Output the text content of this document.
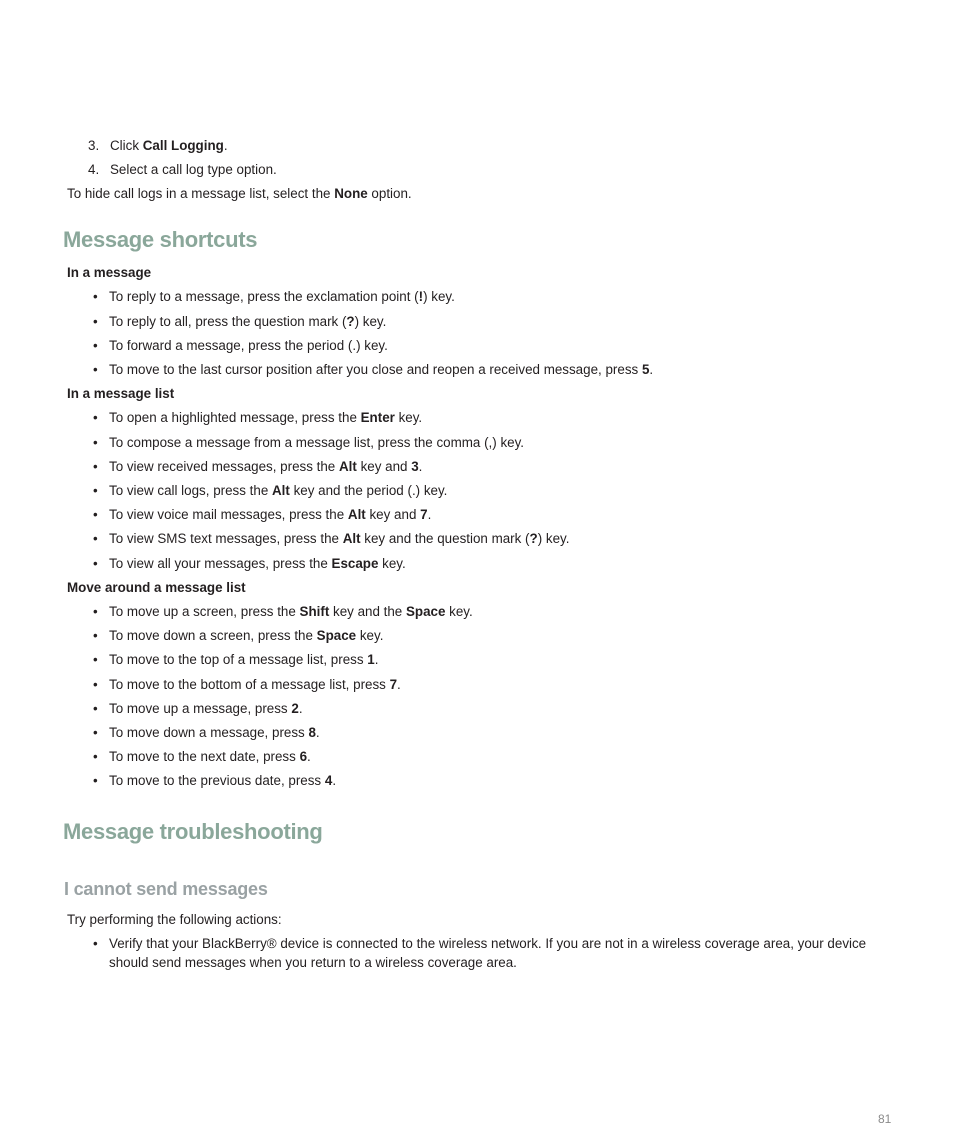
3. Click Call Logging.
4. Select a call log type option.
To hide call logs in a message list, select the None option.
Message shortcuts
In a message
• To reply to a message, press the exclamation point (!) key.
• To reply to all, press the question mark (?) key.
• To forward a message, press the period (.) key.
• To move to the last cursor position after you close and reopen a received message, press 5.
In a message list
• To open a highlighted message, press the Enter key.
• To compose a message from a message list, press the comma (,) key.
• To view received messages, press the Alt key and 3.
• To view call logs, press the Alt key and the period (.) key.
• To view voice mail messages, press the Alt key and 7.
• To view SMS text messages, press the Alt key and the question mark (?) key.
• To view all your messages, press the Escape key.
Move around a message list
• To move up a screen, press the Shift key and the Space key.
• To move down a screen, press the Space key.
• To move to the top of a message list, press 1.
• To move to the bottom of a message list, press 7.
• To move up a message, press 2.
• To move down a message, press 8.
• To move to the next date, press 6.
• To move to the previous date, press 4.
Message troubleshooting
I cannot send messages
Try performing the following actions:
• Verify that your BlackBerry® device is connected to the wireless network. If you are not in a wireless coverage area, your device
should send messages when you return to a wireless coverage area.
81
